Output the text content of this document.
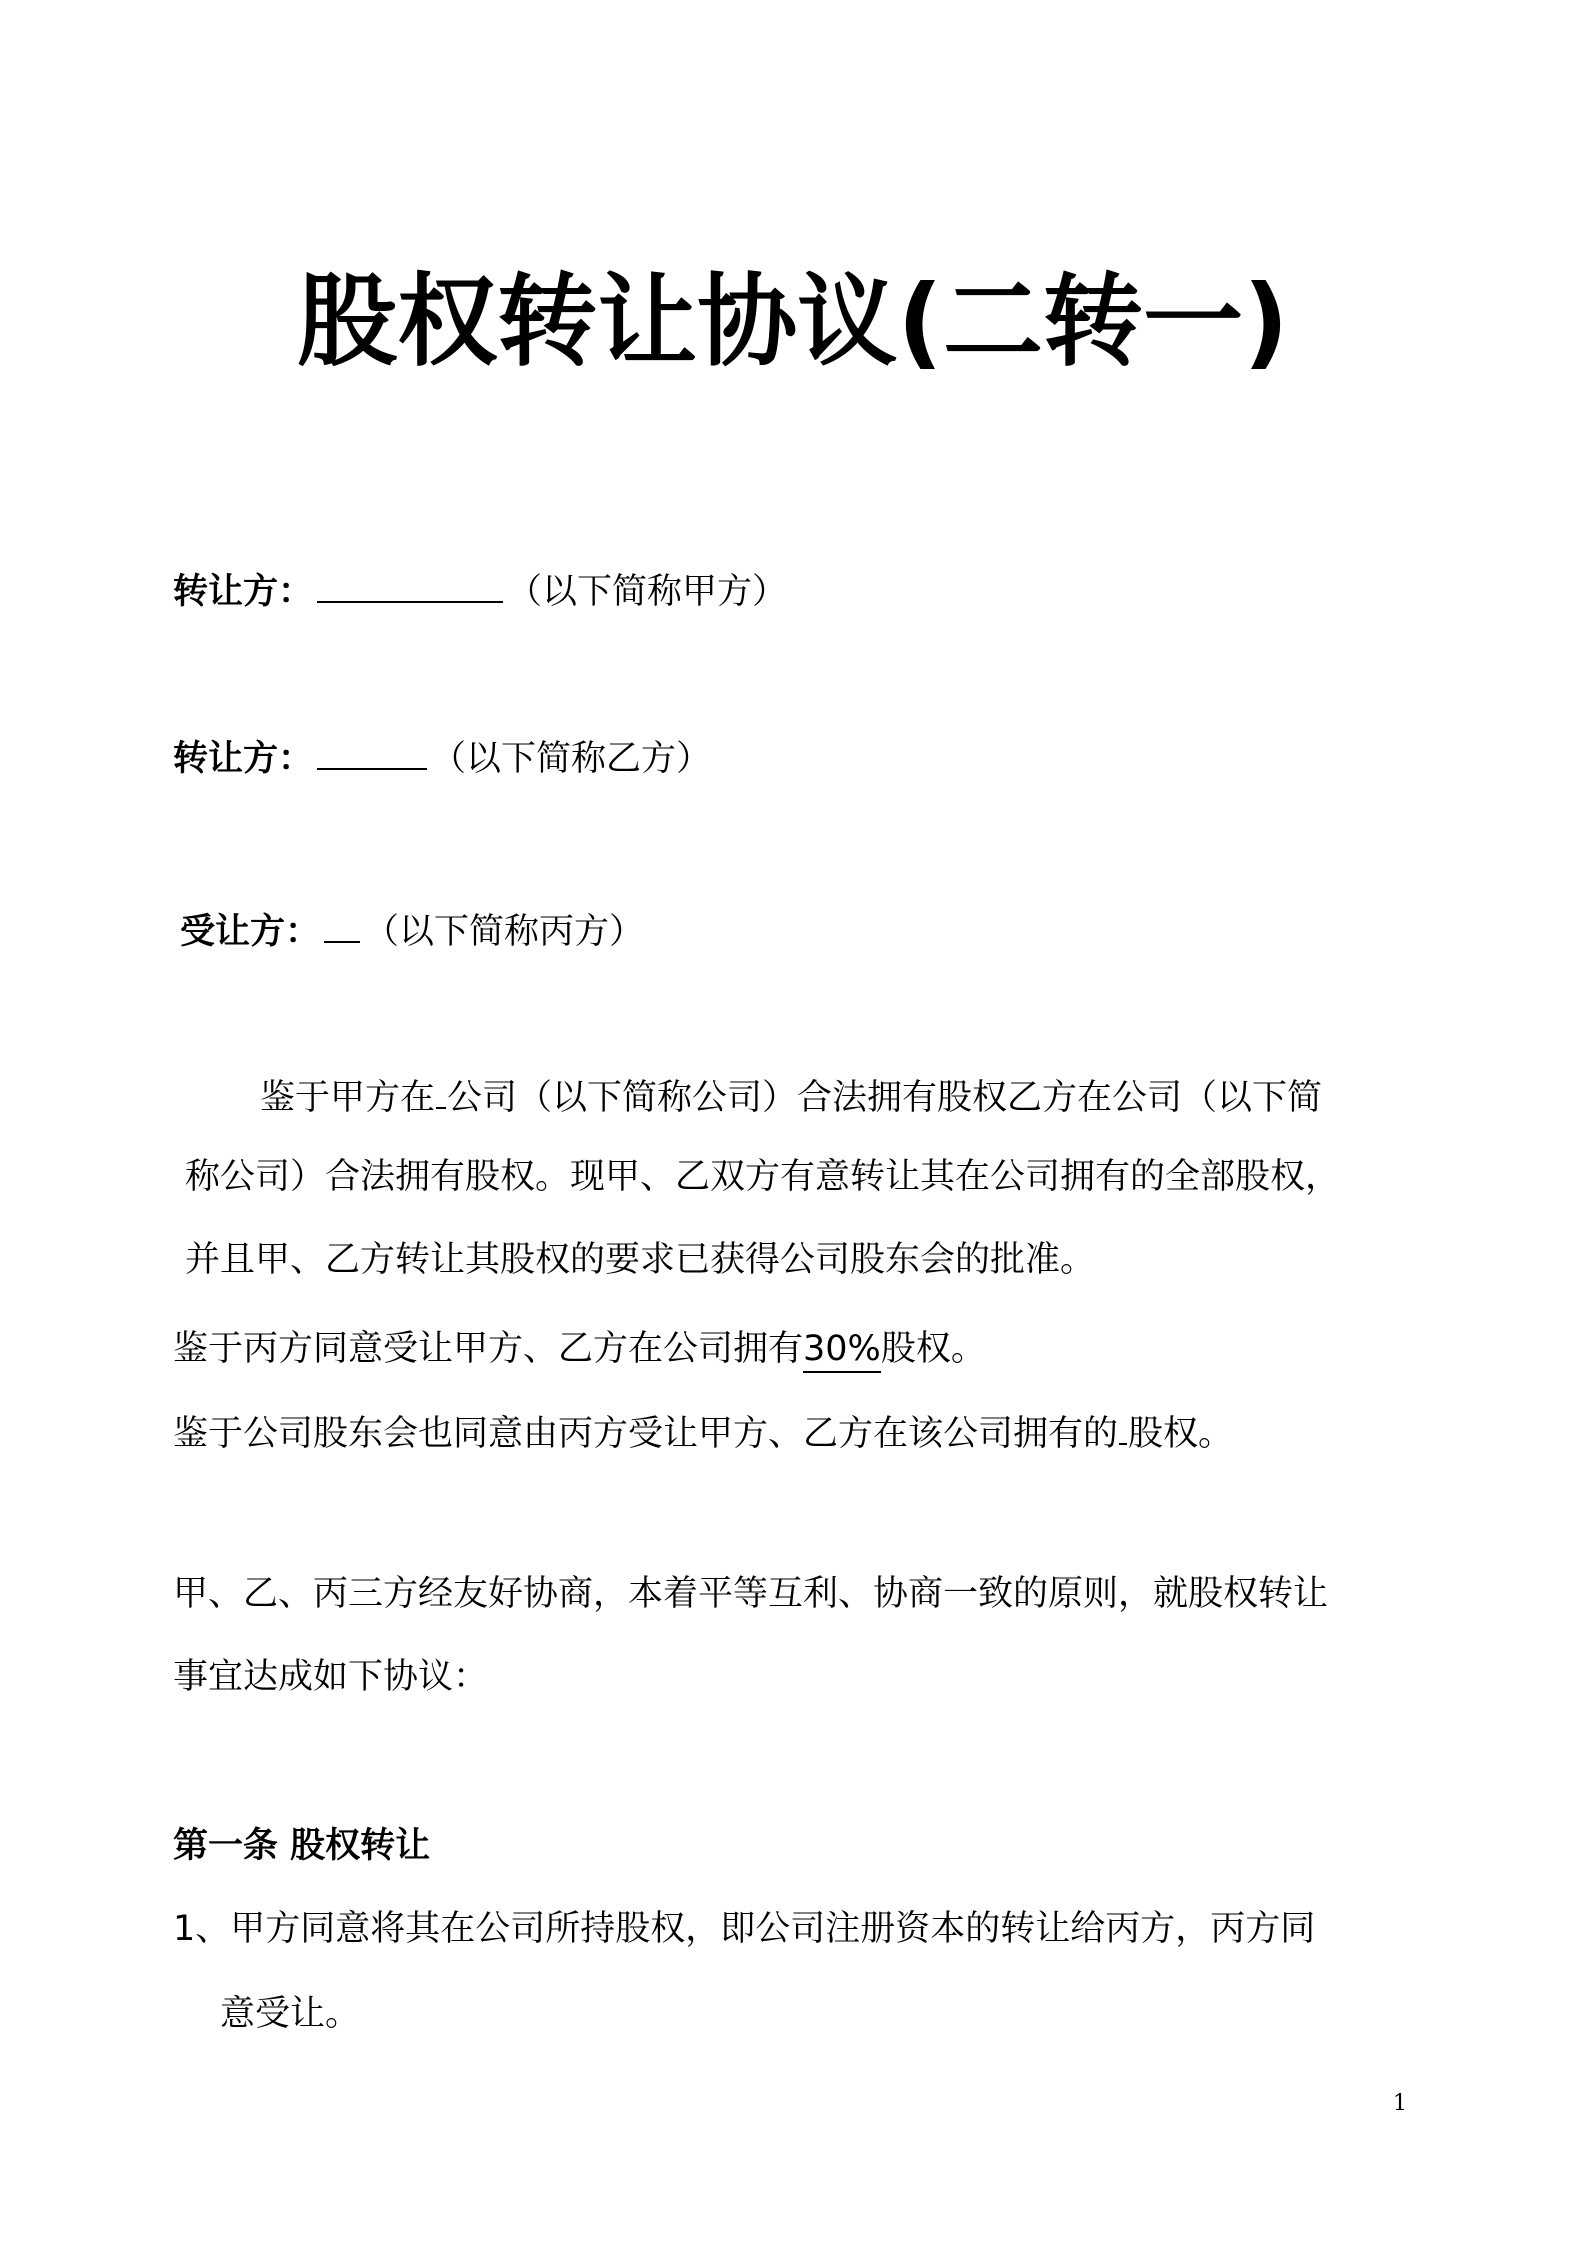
股权转让协议(二转一)
转让方：	（以下简称甲方）
转让方：	（以下简称乙方）
受让方： （以下简称丙方）
鉴于甲方在 公司（以下简称公司）合法拥有股权乙方在公司（以下简
称公司）合法拥有股权。现甲、乙双方有意转让其在公司拥有的全部股权，
并且甲、乙方转让其股权的要求已获得公司股东会的批准。
鉴于丙方同意受让甲方、乙方在公司拥有30%股权。
鉴于公司股东会也同意由丙方受让甲方、乙方在该公司拥有的 股权。
甲、乙、丙三方经友好协商，本着平等互利、协商一致的原则，就股权转让
事宜达成如下协议：
第一条 股权转让
1、甲方同意将其在公司所持股权，即公司注册资本的转让给丙方，丙方同
意受让。
1
